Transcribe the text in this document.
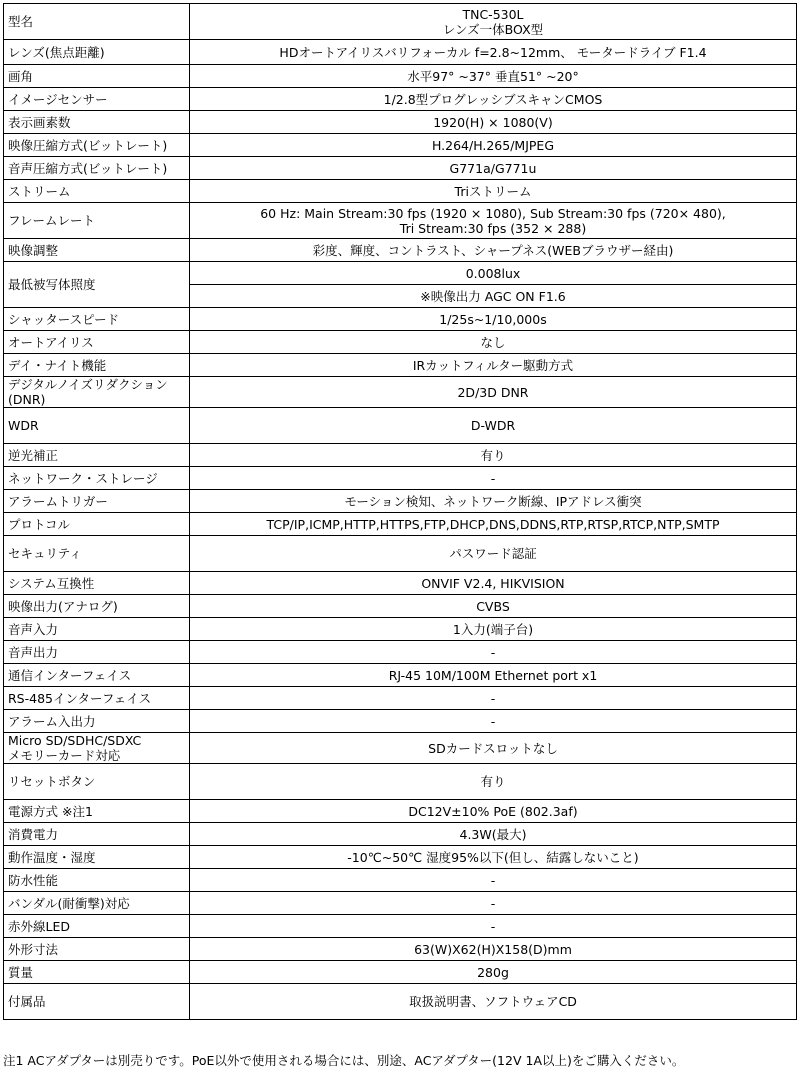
型名	TNC-530L
レンズ一体BOX型

レンズ(焦点距離)	HDオートアイリスバリフォーカル f=2.8~12mm、 モータードライブ F1.4

画角	水平97° ~37° 垂直51° ~20°

イメージセンサー	1/2.8型プログレッシブスキャンCMOS

表示画素数	1920(H) × 1080(V)

映像圧縮方式(ビットレート)	H.264/H.265/MJPEG

音声圧縮方式(ビットレート)	G771a/G771u

ストリーム	Triストリーム

フレームレート	60 Hz: Main Stream:30 fps (1920 × 1080), Sub Stream:30 fps (720× 480),
Tri Stream:30 fps (352 × 288)

映像調整	彩度、輝度、コントラスト、シャープネス(WEBブラウザー経由)

最低被写体照度	0.008lux

	※映像出力 AGC ON F1.6

シャッタースピード	1/25s~1/10,000s

オートアイリス	なし

デイ・ナイト機能	IRカットフィルター駆動方式

デジタルノイズリダクション
(DNR)	2D/3D DNR

WDR	D-WDR

逆光補正	有り

ネットワーク・ストレージ	-

アラームトリガー	モーション検知、ネットワーク断線、IPアドレス衝突

プロトコル	TCP/IP,ICMP,HTTP,HTTPS,FTP,DHCP,DNS,DDNS,RTP,RTSP,RTCP,NTP,SMTP

セキュリティ	パスワード認証

システム互換性	ONVIF V2.4, HIKVISION

映像出力(アナログ)	CVBS

音声入力	1入力(端子台)

音声出力	-

通信インターフェイス	RJ-45 10M/100M Ethernet port x1

RS-485インターフェイス	-

アラーム入出力	-

Micro SD/SDHC/SDXC
メモリーカード対応	SDカードスロットなし

リセットボタン	有り

電源方式 ※注1	DC12V±10% PoE (802.3af)

消費電力	4.3W(最大)

動作温度・湿度	-10℃~50℃ 湿度95%以下(但し、結露しないこと)

防水性能	-

バンダル(耐衝撃)対応	-

赤外線LED	-

外形寸法	63(W)X62(H)X158(D)mm

質量	280g

付属品	取扱説明書、ソフトウェアCD
注1 ACアダプターは別売りです。PoE以外で使用される場合には、別途、ACアダプター(12V 1A以上)をご購入ください。
